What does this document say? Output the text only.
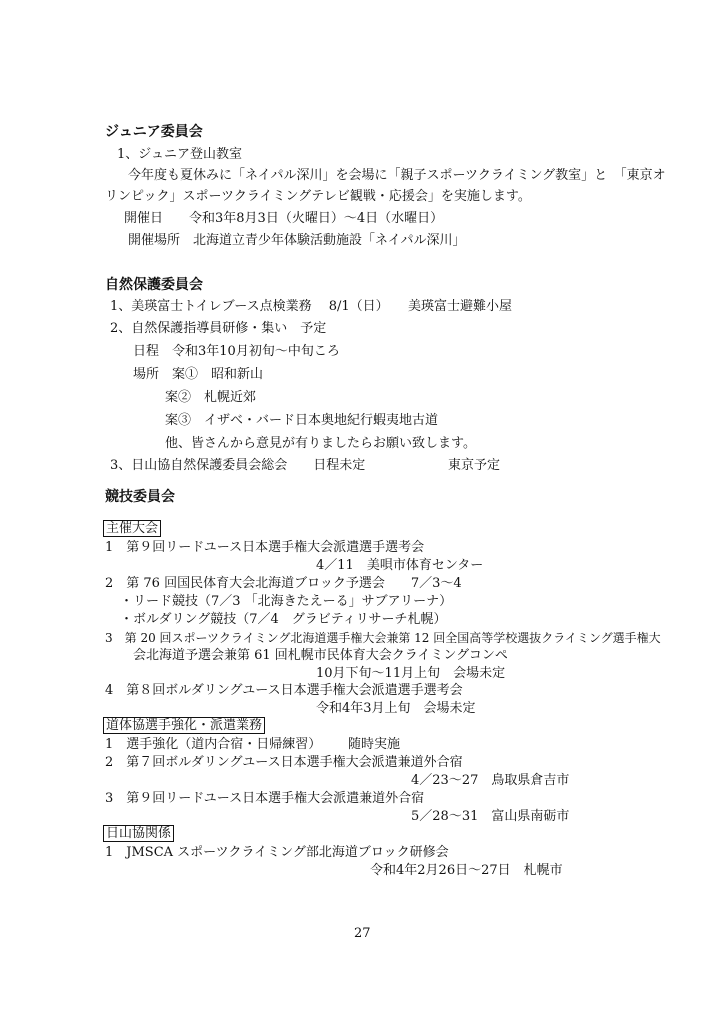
ジュニア委員会
1、ジュニア登山教室
今年度も夏休みに「ネイパル深川」を会場に「親子スポーツクライミング教室」と　「東京オ
リンピック」スポーツクライミングテレビ観戦・応援会」を実施します。
開催日　　令和3年8月3日（火曜日）～4日（水曜日）
開催場所　北海道立青少年体験活動施設「ネイパル深川」
自然保護委員会
1、美瑛富士トイレブース点検業務　 8/1（日） 美瑛富士避難小屋
2、自然保護指導員研修・集い　予定
日程　令和3年10月初旬～中旬ころ
場所　案①　昭和新山
案②　札幌近郊
案③　イザベ・バード日本奥地紀行蝦夷地古道
他、皆さんから意見が有りましたらお願い致します。
3、日山協自然保護委員会総会　　日程未定	東京予定
競技委員会
主催大会
1　第９回リードユース日本選手権大会派遣選手選考会
4／11　美唄市体育センター
2　第 76 回国民体育大会北海道ブロック予選会　　7／3～4
・リード競技（7／3 「北海きたえーる」サブアリーナ）
・ボルダリング競技（7／4　グラビティリサーチ札幌）
3　第 20 回スポーツクライミング北海道選手権大会兼第 12 回全国高等学校選抜クライミング選手権大
会北海道予選会兼第 61 回札幌市民体育大会クライミングコンペ
10月下旬～11月上旬　会場未定
4　第８回ボルダリングユース日本選手権大会派遣選手選考会
令和4年3月上旬　会場未定
道体協選手強化・派遣業務
1　選手強化（道内合宿・日帰練習） 随時実施
2　第７回ボルダリングユース日本選手権大会派遣兼道外合宿
4／23～27　鳥取県倉吉市
3　第９回リードユース日本選手権大会派遣兼道外合宿
5／28～31　富山県南砺市
日山協関係
1　JMSCA スポーツクライミング部北海道ブロック研修会
令和4年2月26日～27日　札幌市
27
